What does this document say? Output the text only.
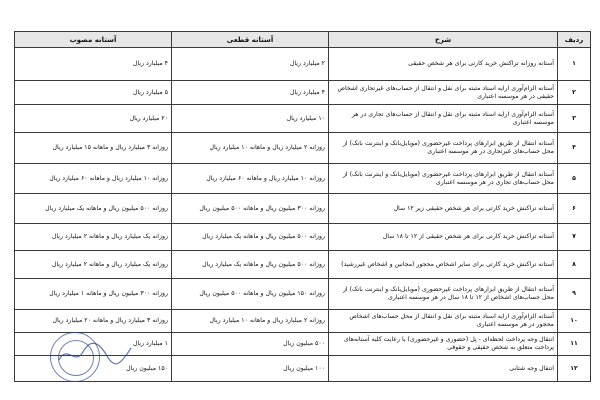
ردیف	شرح	آستانه قطعی	آستانه مصوب
۱	آستانه روزانه تراکنش خرید کارتی برای هر شخص حقیقی	۲ میلیارد ریال	۴ میلیارد ریال
۲	آستانه الزام‌آوری ارایه اسناد مثبته برای نقل و انتقال از حساب‌های غیرتجاری اشخاص حقیقی در هر موسسه اعتباری	۴ میلیارد ریال	۵ میلیارد ریال
۳	آستانه الزام‌آوری ارایه اسناد مثبته برای نقل و انتقال از حساب‌های تجاری در هر موسسه اعتباری	۱۰ میلیارد ریال	۲۰ میلیارد ریال
۴	آستانه انتقال از طریق ابزارهای پرداخت غیرحضوری (موبایل‌بانک و اینترنت بانک) از محل حساب‌های غیرتجاری در هر موسسه اعتباری	روزانه ۲ میلیارد ریال و ماهانه ۱۰ میلیارد ریال	روزانه ۳ میلیارد ریال و ماهانه ۱۵ میلیارد ریال
۵	آستانه انتقال از طریق ابزارهای پرداخت غیرحضوری (موبایل‌بانک و اینترنت بانک) از محل حساب‌های تجاری در هر موسسه اعتباری	روزانه ۱۰ میلیارد ریال و ماهانه ۶۰ میلیارد ریال	روزانه ۱۰ میلیارد ریال و ماهانه ۶۰ میلیارد ریال
۶	آستانه تراکنش خرید کارتی برای هر شخص حقیقی زیر ۱۲ سال	روزانه ۳۰۰ میلیون ریال و ماهانه ۵۰۰ میلیون ریال	روزانه ۵۰۰ میلیون ریال و ماهانه یک میلیارد ریال
۷	آستانه تراکنش خرید کارتی برای هر شخص حقیقی از ۱۲ تا ۱۸ سال	روزانه ۵۰۰ میلیون ریال و ماهانه یک میلیارد ریال	روزانه یک میلیارد ریال و ماهانه ۲ میلیارد ریال
۸	آستانه تراکنش خرید کارتی برای سایر اشخاص محجور (مجانین و اشخاص غیررشید)	روزانه ۵۰۰ میلیون ریال و ماهانه یک میلیارد ریال	روزانه یک میلیارد ریال و ماهانه ۲ میلیارد ریال
۹	آستانه انتقال از طریق ابزارهای پرداخت غیرحضوری (موبایل‌بانک و اینترنت بانک) از محل حساب‌های اشخاص از ۱۲ تا ۱۸ سال در هر موسسه اعتباری	روزانه ۱۵۰ میلیون ریال و ماهانه ۵۰۰ میلیون ریال	روزانه ۳۰۰ میلیون ریال و ماهانه ۱ میلیارد ریال
۱۰	آستانه الزام‌آوری ارایه اسناد مثبته برای نقل و انتقال از محل حساب‌های اشخاص محجور در هر موسسه اعتباری	روزانه ۲ میلیارد ریال و ماهانه ۱۰ میلیارد ریال	روزانه ۳ میلیارد ریال و ماهانه ۲۰ میلیارد ریال
۱۱	انتقال وجه پرداخت لحظه‌ای - پل (حضوری و غیرحضوری) با رعایت کلیه آستانه‌های پرداخت متعلق به شخص حقیقی و حقوقی	۵۰۰ میلیون ریال	۱ میلیارد ریال
۱۲	انتقال وجه شتابی	۱۰۰ میلیون ریال	۱۵۰ میلیون ریال
